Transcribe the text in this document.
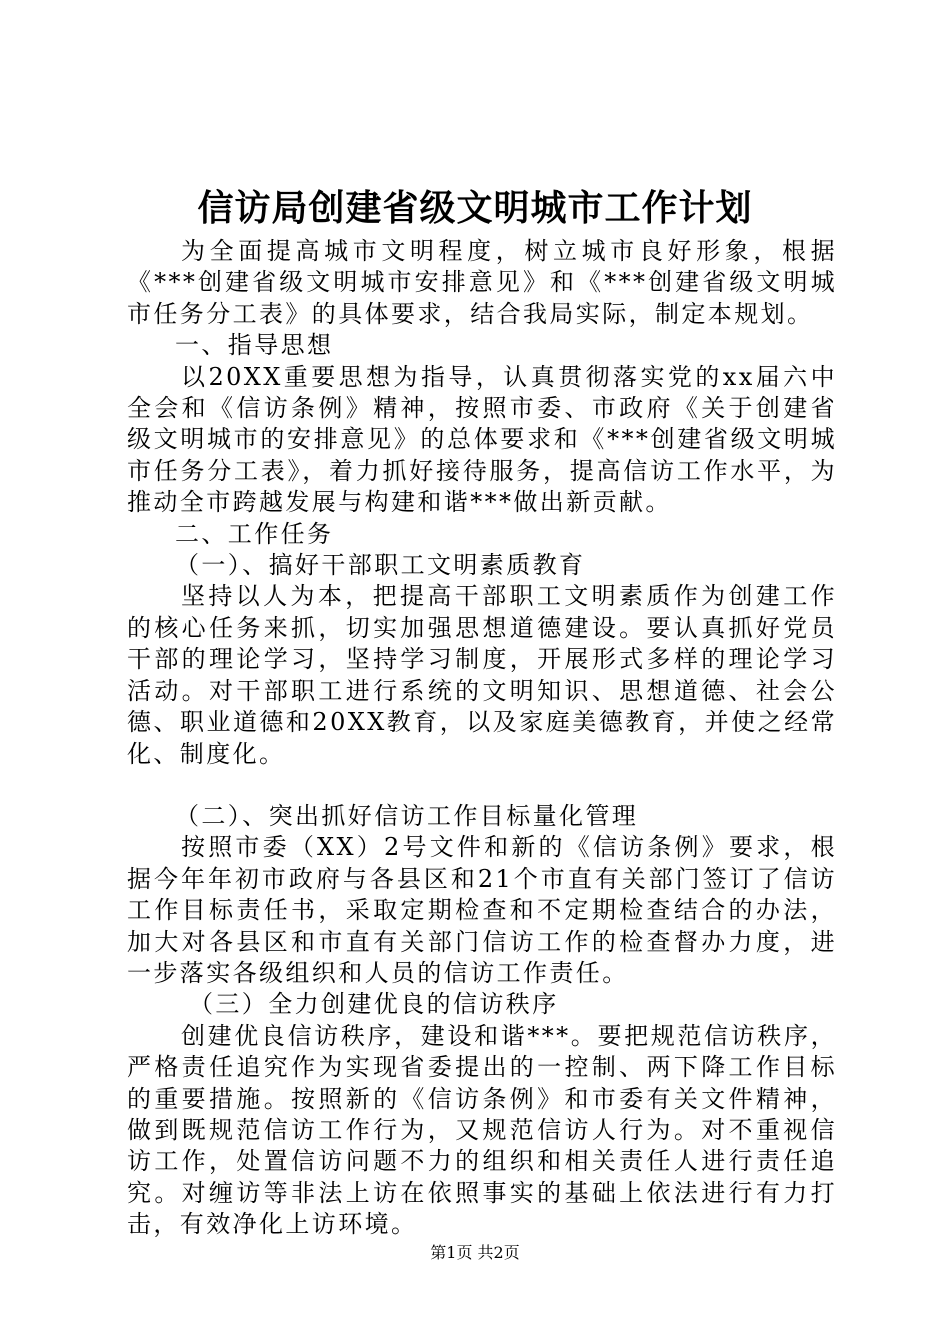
信访局创建省级文明城市工作计划

为全面提高城市文明程度，树立城市良好形象，根据《***创建省级文明城市安排意见》和《***创建省级文明城市任务分工表》的具体要求，结合我局实际，制定本规划。

一、指导思想

以20XX重要思想为指导，认真贯彻落实党的xx届六中全会和《信访条例》精神，按照市委、市政府《关于创建省级文明城市的安排意见》的总体要求和《***创建省级文明城市任务分工表》，着力抓好接待服务，提高信访工作水平，为推动全市跨越发展与构建和谐***做出新贡献。

二、工作任务

（一）、搞好干部职工文明素质教育

坚持以人为本，把提高干部职工文明素质作为创建工作的核心任务来抓，切实加强思想道德建设。要认真抓好党员干部的理论学习，坚持学习制度，开展形式多样的理论学习活动。对干部职工进行系统的文明知识、思想道德、社会公德、职业道德和20XX教育，以及家庭美德教育，并使之经常化、制度化。

（二）、突出抓好信访工作目标量化管理

按照市委（XX）2号文件和新的《信访条例》要求，根据今年年初市政府与各县区和21个市直有关部门签订了信访工作目标责任书，采取定期检查和不定期检查结合的办法，加大对各县区和市直有关部门信访工作的检查督办力度，进一步落实各级组织和人员的信访工作责任。

（三）全力创建优良的信访秩序

创建优良信访秩序，建设和谐***。要把规范信访秩序，严格责任追究作为实现省委提出的一控制、两下降工作目标的重要措施。按照新的《信访条例》和市委有关文件精神，做到既规范信访工作行为，又规范信访人行为。对不重视信访工作，处置信访问题不力的组织和相关责任人进行责任追究。对缠访等非法上访在依照事实的基础上依法进行有力打击，有效净化上访环境。

第1页 共2页
